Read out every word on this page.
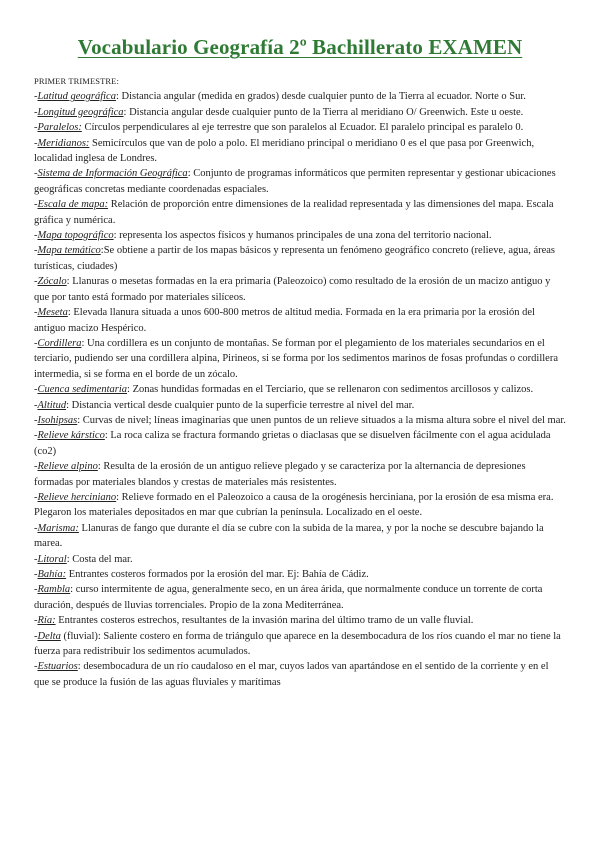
Vocabulario Geografía 2º Bachillerato EXAMEN
PRIMER TRIMESTRE:

-Latitud geográfica: Distancia angular (medida en grados) desde cualquier punto de la Tierra al ecuador. Norte o Sur.

-Longitud geográfica: Distancia angular desde cualquier punto de la Tierra al meridiano O/ Greenwich. Este u oeste.

-Paralelos: Círculos perpendiculares al eje terrestre que son paralelos al Ecuador. El paralelo principal es paralelo 0.

-Meridianos: Semicírculos que van de polo a polo. El meridiano principal o meridiano 0 es el que pasa por Greenwich, localidad inglesa de Londres.

-Sistema de Información Geográfica: Conjunto de programas informáticos que permiten representar y gestionar ubicaciones geográficas concretas mediante coordenadas espaciales.

-Escala de mapa: Relación de proporción entre dimensiones de la realidad representada y las dimensiones del mapa. Escala gráfica y numérica.

-Mapa topográfico: representa los aspectos físicos y humanos principales de una zona del territorio nacional.

-Mapa temático:Se obtiene a partir de los mapas básicos y representa un fenómeno geográfico concreto (relieve, agua, áreas turísticas, ciudades)

-Zócalo: Llanuras o mesetas formadas en la era primaria (Paleozoico) como resultado de la erosión de un macizo antiguo y que por tanto está formado por materiales silíceos.

-Meseta: Elevada llanura situada a unos 600-800 metros de altitud media. Formada en la era primaria por la erosión del antiguo macizo Hespérico.

-Cordillera: Una cordillera es un conjunto de montañas. Se forman por el plegamiento de los materiales secundarios en el terciario, pudiendo ser una cordillera alpina, Pirineos, si se forma por los sedimentos marinos de fosas profundas o cordillera intermedia, si se forma en el borde de un zócalo.

-Cuenca sedimentaria: Zonas hundidas formadas en el Terciario, que se rellenaron con sedimentos arcillosos y calizos.

-Altitud: Distancia vertical desde cualquier punto de la superficie terrestre al nivel del mar.

-Isohipsas: Curvas de nivel; líneas imaginarias que unen puntos de un relieve situados a la misma altura sobre el nivel del mar.

-Relieve kárstico: La roca caliza se fractura formando grietas o diaclasas que se disuelven fácilmente con el agua acidulada (co2)

-Relieve alpino: Resulta de la erosión de un antiguo relieve plegado y se caracteriza por la alternancia de depresiones formadas por materiales blandos y crestas de materiales más resistentes.

-Relieve herciniano: Relieve formado en el Paleozoico a causa de la orogénesis herciniana, por la erosión de esa misma era. Plegaron los materiales depositados en mar que cubrían la península. Localizado en el oeste.

-Marisma: Llanuras de fango que durante el día se cubre con la subida de la marea, y por la noche se descubre bajando la marea.

-Litoral: Costa del mar.

-Bahía: Entrantes costeros formados por la erosión del mar. Ej: Bahía de Cádiz.

-Rambla: curso intermitente de agua, generalmente seco, en un área árida, que normalmente conduce un torrente de corta duración, después de lluvias torrenciales. Propio de la zona Mediterránea.

-Ría: Entrantes costeros estrechos, resultantes de la invasión marina del último tramo de un valle fluvial.

-Delta (fluvial): Saliente costero en forma de triángulo que aparece en la desembocadura de los ríos cuando el mar no tiene la fuerza para redistribuir los sedimentos acumulados.

-Estuarios: desembocadura de un río caudaloso en el mar, cuyos lados van apartándose en el sentido de la corriente y en el que se produce la fusión de las aguas fluviales y marítimas
